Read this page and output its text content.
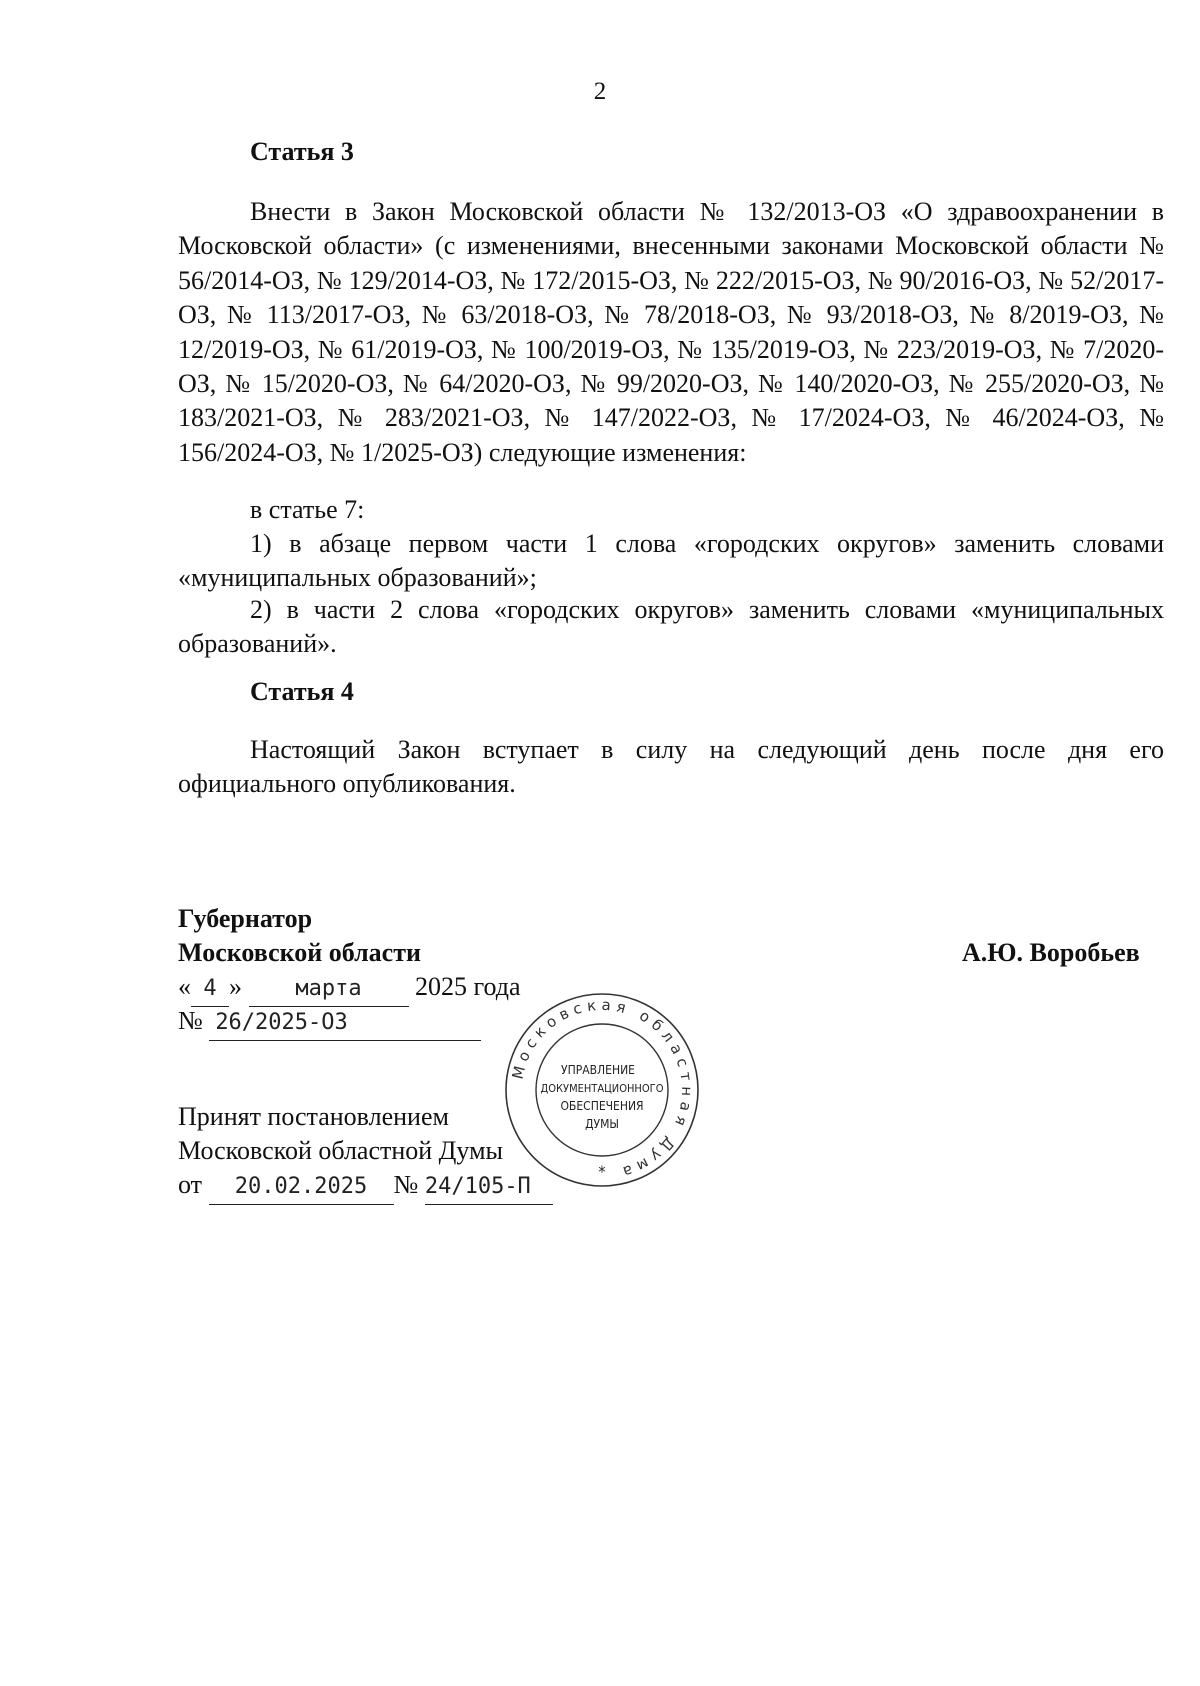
2
Статья 3
Внести в Закон Московской области № 132/2013-ОЗ «О здравоохранении в Московской области» (с изменениями, внесенными законами Московской области № 56/2014-ОЗ, № 129/2014-ОЗ, № 172/2015-ОЗ, № 222/2015-ОЗ, № 90/2016-ОЗ, № 52/2017-ОЗ, № 113/2017-ОЗ, № 63/2018-ОЗ, № 78/2018-ОЗ, № 93/2018-ОЗ, № 8/2019-ОЗ, № 12/2019-ОЗ, № 61/2019-ОЗ, № 100/2019-ОЗ, № 135/2019-ОЗ, № 223/2019-ОЗ, № 7/2020-ОЗ, № 15/2020-ОЗ, № 64/2020-ОЗ, № 99/2020-ОЗ, № 140/2020-ОЗ, № 255/2020-ОЗ, № 183/2021-ОЗ, № 283/2021-ОЗ, № 147/2022-ОЗ, № 17/2024-ОЗ, № 46/2024-ОЗ, № 156/2024-ОЗ, № 1/2025-ОЗ) следующие изменения:
в статье 7:
1) в абзаце первом части 1 слова «городских округов» заменить словами «муниципальных образований»;
2) в части 2 слова «городских округов» заменить словами «муниципальных образований».
Статья 4
Настоящий Закон вступает в силу на следующий день после дня его официального опубликования.
Губернатор
Московской области	А.Ю. Воробьев
« 4 » марта 2025 года
№ 26/2025-ОЗ
Принят постановлением
Московской областной Думы
от 20.02.2025 № 24/105-П
Московская областная Дума
УПРАВЛЕНИЕ
ДОКУМЕНТАЦИОННОГО
ОБЕСПЕЧЕНИЯ
ДУМЫ
*
